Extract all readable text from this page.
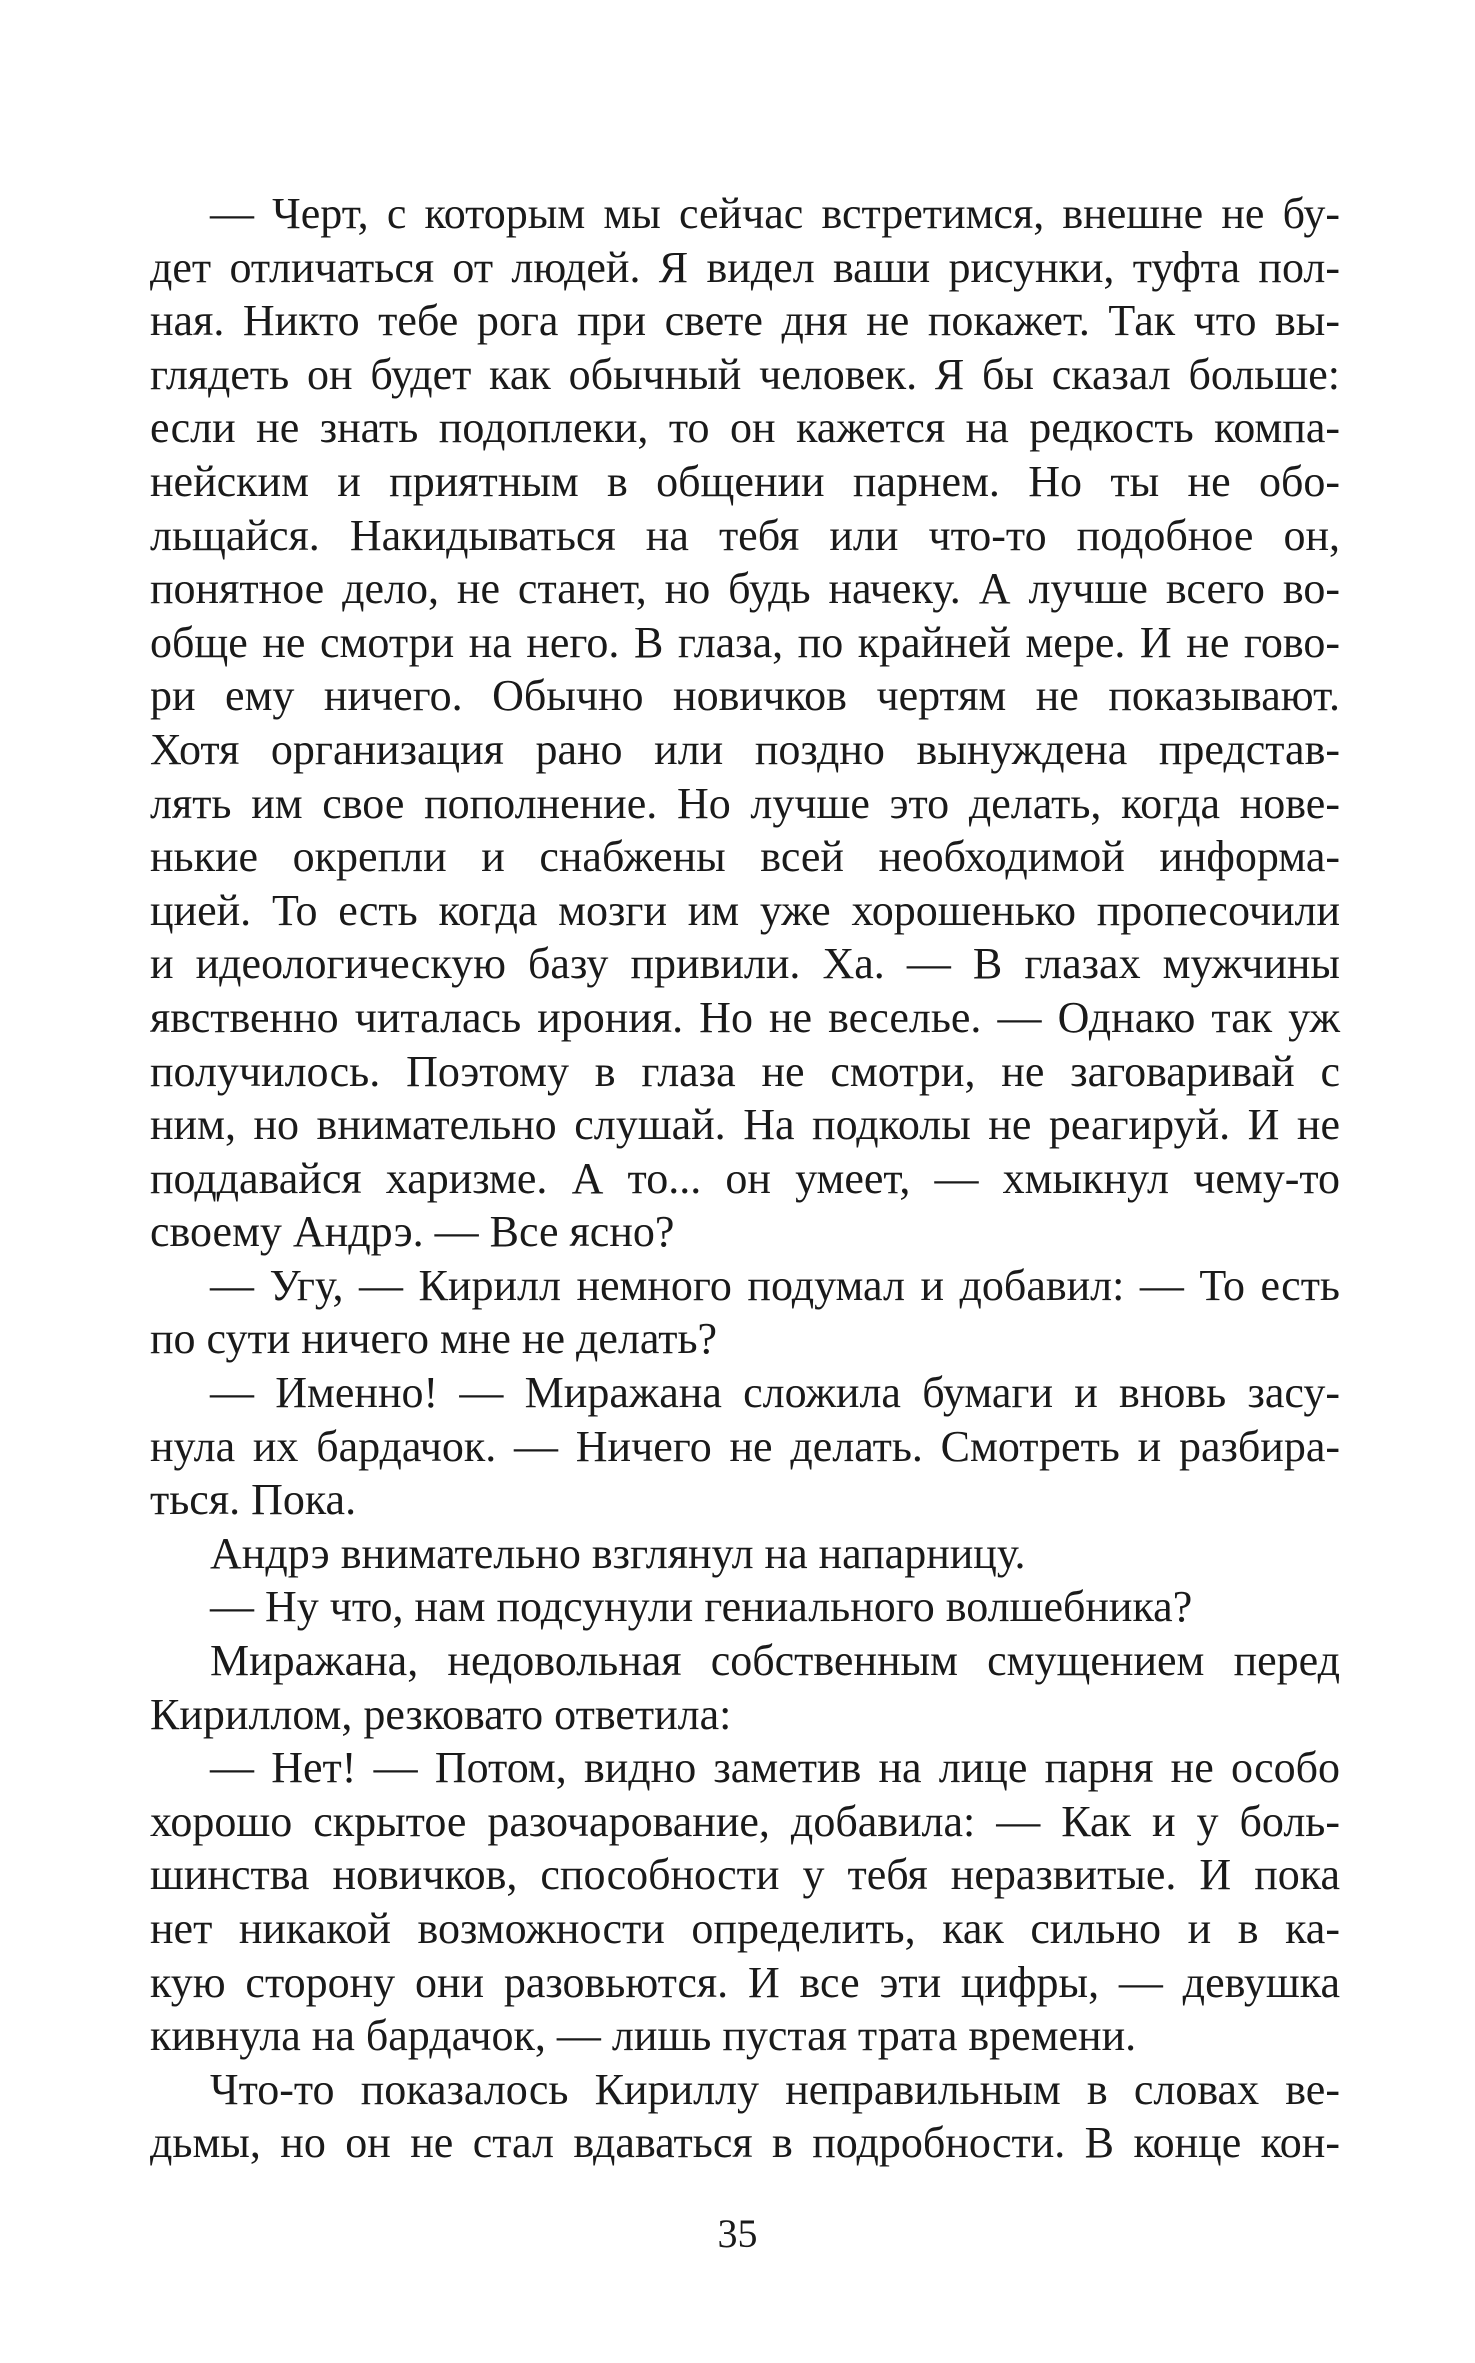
— Черт, с которым мы сейчас встретимся, внешне не бу-
дет отличаться от людей. Я видел ваши рисунки, туфта пол-
ная. Никто тебе рога при свете дня не покажет. Так что вы-
глядеть он будет как обычный человек. Я бы сказал больше:
если не знать подоплеки, то он кажется на редкость компа-
нейским и приятным в общении парнем. Но ты не обо-
льщайся. Накидываться на тебя или что-то подобное он,
понятное дело, не станет, но будь начеку. А лучше всего во-
обще не смотри на него. В глаза, по крайней мере. И не гово-
ри ему ничего. Обычно новичков чертям не показывают.
Хотя организация рано или поздно вынуждена представ-
лять им свое пополнение. Но лучше это делать, когда нове-
нькие окрепли и снабжены всей необходимой информа-
цией. То есть когда мозги им уже хорошенько пропесочили
и идеологическую базу привили. Ха. — В глазах мужчины
явственно читалась ирония. Но не веселье. — Однако так уж
получилось. Поэтому в глаза не смотри, не заговаривай с
ним, но внимательно слушай. На подколы не реагируй. И не
поддавайся харизме. А то... он умеет, — хмыкнул чему-то
своему Андрэ. — Все ясно?
— Угу, — Кирилл немного подумал и добавил: — То есть
по сути ничего мне не делать?
— Именно! — Миражана сложила бумаги и вновь засу-
нула их бардачок. — Ничего не делать. Смотреть и разбира-
ться. Пока.
Андрэ внимательно взглянул на напарницу.
— Ну что, нам подсунули гениального волшебника?
Миражана, недовольная собственным смущением перед
Кириллом, резковато ответила:
— Нет! — Потом, видно заметив на лице парня не особо
хорошо скрытое разочарование, добавила: — Как и у боль-
шинства новичков, способности у тебя неразвитые. И пока
нет никакой возможности определить, как сильно и в ка-
кую сторону они разовьются. И все эти цифры, — девушка
кивнула на бардачок, — лишь пустая трата времени.
Что-то показалось Кириллу неправильным в словах ве-
дьмы, но он не стал вдаваться в подробности. В конце кон-
35
